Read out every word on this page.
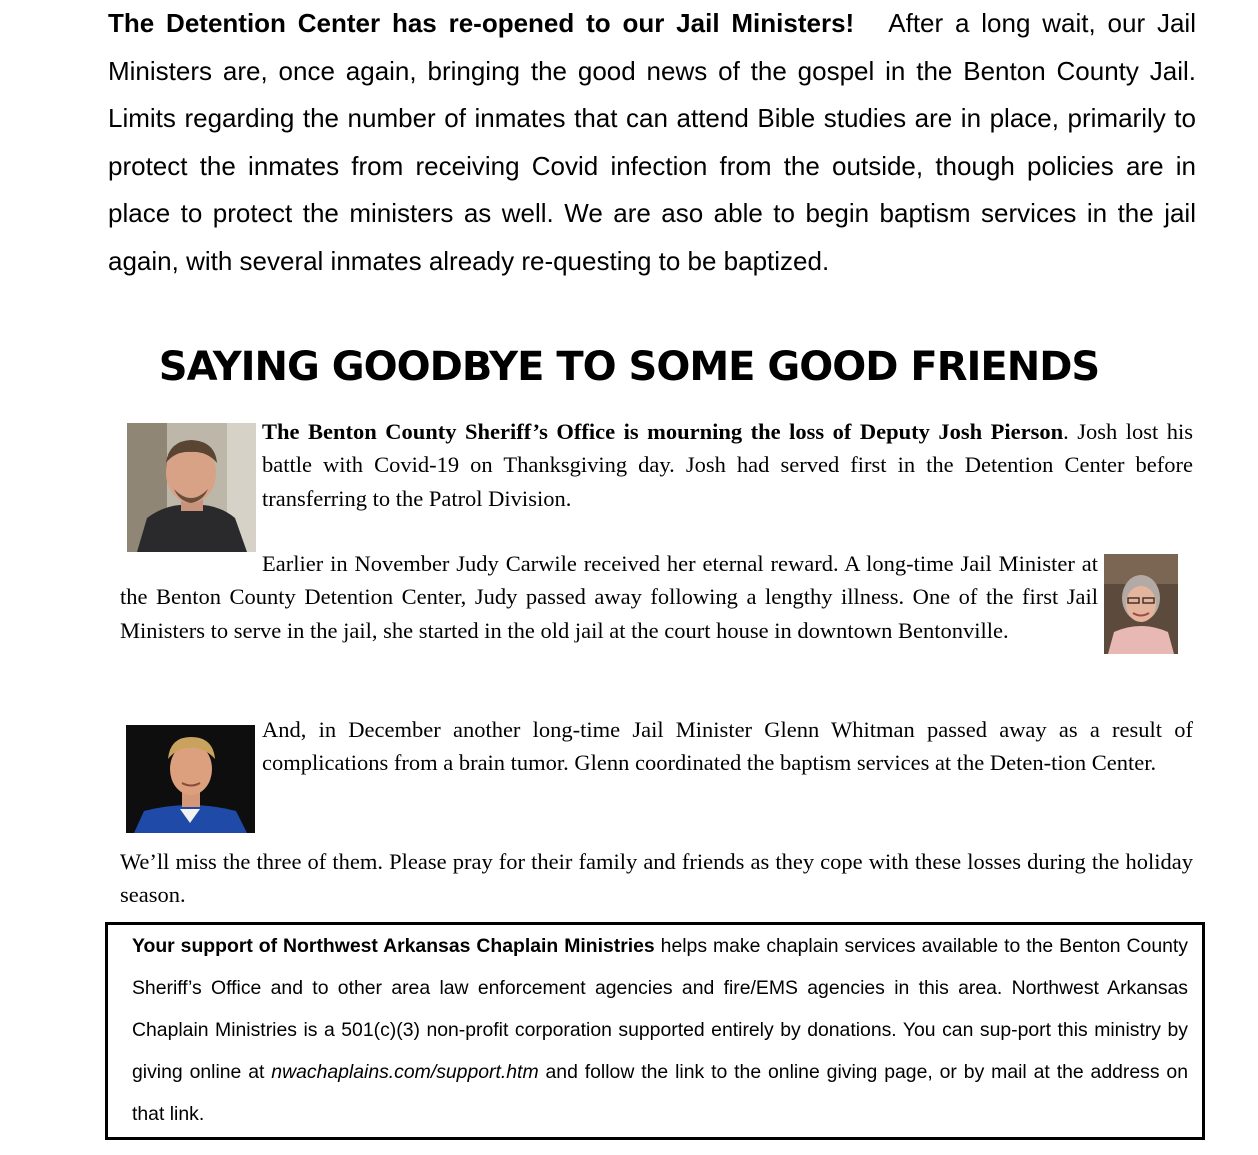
The Detention Center has re-opened to our Jail Ministers! After a long wait, our Jail Ministers are, once again, bringing the good news of the gospel in the Benton County Jail. Limits regarding the number of inmates that can attend Bible studies are in place, primarily to protect the inmates from receiving Covid infection from the outside, though policies are in place to protect the ministers as well. We are aso able to begin baptism services in the jail again, with several inmates already re-questing to be baptized.

SAYING GOODBYE TO SOME GOOD FRIENDS

The Benton County Sheriff’s Office is mourning the loss of Deputy Josh Pierson. Josh lost his battle with Covid-19 on Thanksgiving day. Josh had served first in the Detention Center before transferring to the Patrol Division.

Earlier in November Judy Carwile received her eternal reward. A long-time Jail Minister at the Benton County Detention Center, Judy passed away following a lengthy illness. One of the first Jail Ministers to serve in the jail, she started in the old jail at the court house in downtown Bentonville.

And, in December another long-time Jail Minister Glenn Whitman passed away as a result of complications from a brain tumor. Glenn coordinated the baptism services at the Deten-tion Center.

We’ll miss the three of them. Please pray for their family and friends as they cope with these losses during the holiday season.

Your support of Northwest Arkansas Chaplain Ministries helps make chaplain services available to the Benton County Sheriff’s Office and to other area law enforcement agencies and fire/EMS agencies in this area. Northwest Arkansas Chaplain Ministries is a 501(c)(3) non-profit corporation supported entirely by donations. You can sup-port this ministry by giving online at nwachaplains.com/support.htm and follow the link to the online giving page, or by mail at the address on that link.
